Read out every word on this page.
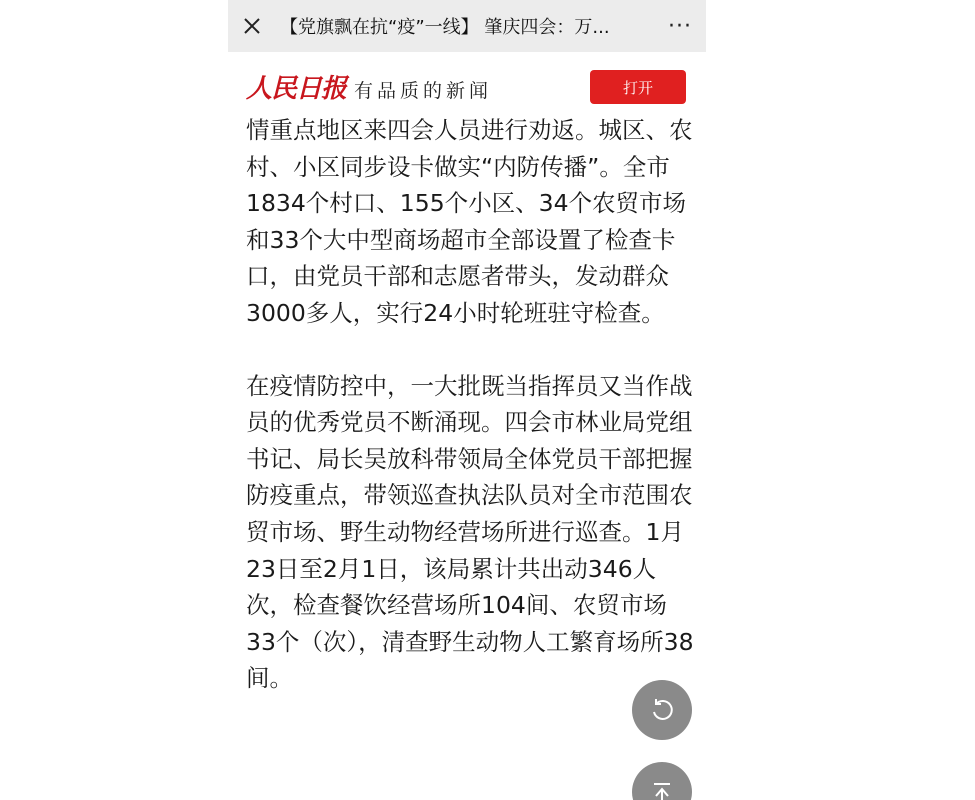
【党旗飘在抗“疫”一线】 肇庆四会：万...	···
人民日报 有品质的新闻	打开

情重点地区来四会人员进行劝返。城区、农村、小区同步设卡做实“内防传播”。全市1834个村口、155个小区、34个农贸市场和33个大中型商场超市全部设置了检查卡口，由党员干部和志愿者带头，发动群众3000多人，实行24小时轮班驻守检查。

在疫情防控中，一大批既当指挥员又当作战员的优秀党员不断涌现。四会市林业局党组书记、局长吴放科带领局全体党员干部把握防疫重点，带领巡查执法队员对全市范围农贸市场、野生动物经营场所进行巡查。1月23日至2月1日，该局累计共出动346人次，检查餐饮经营场所104间、农贸市场33个（次），清查野生动物人工繁育场所38间。
